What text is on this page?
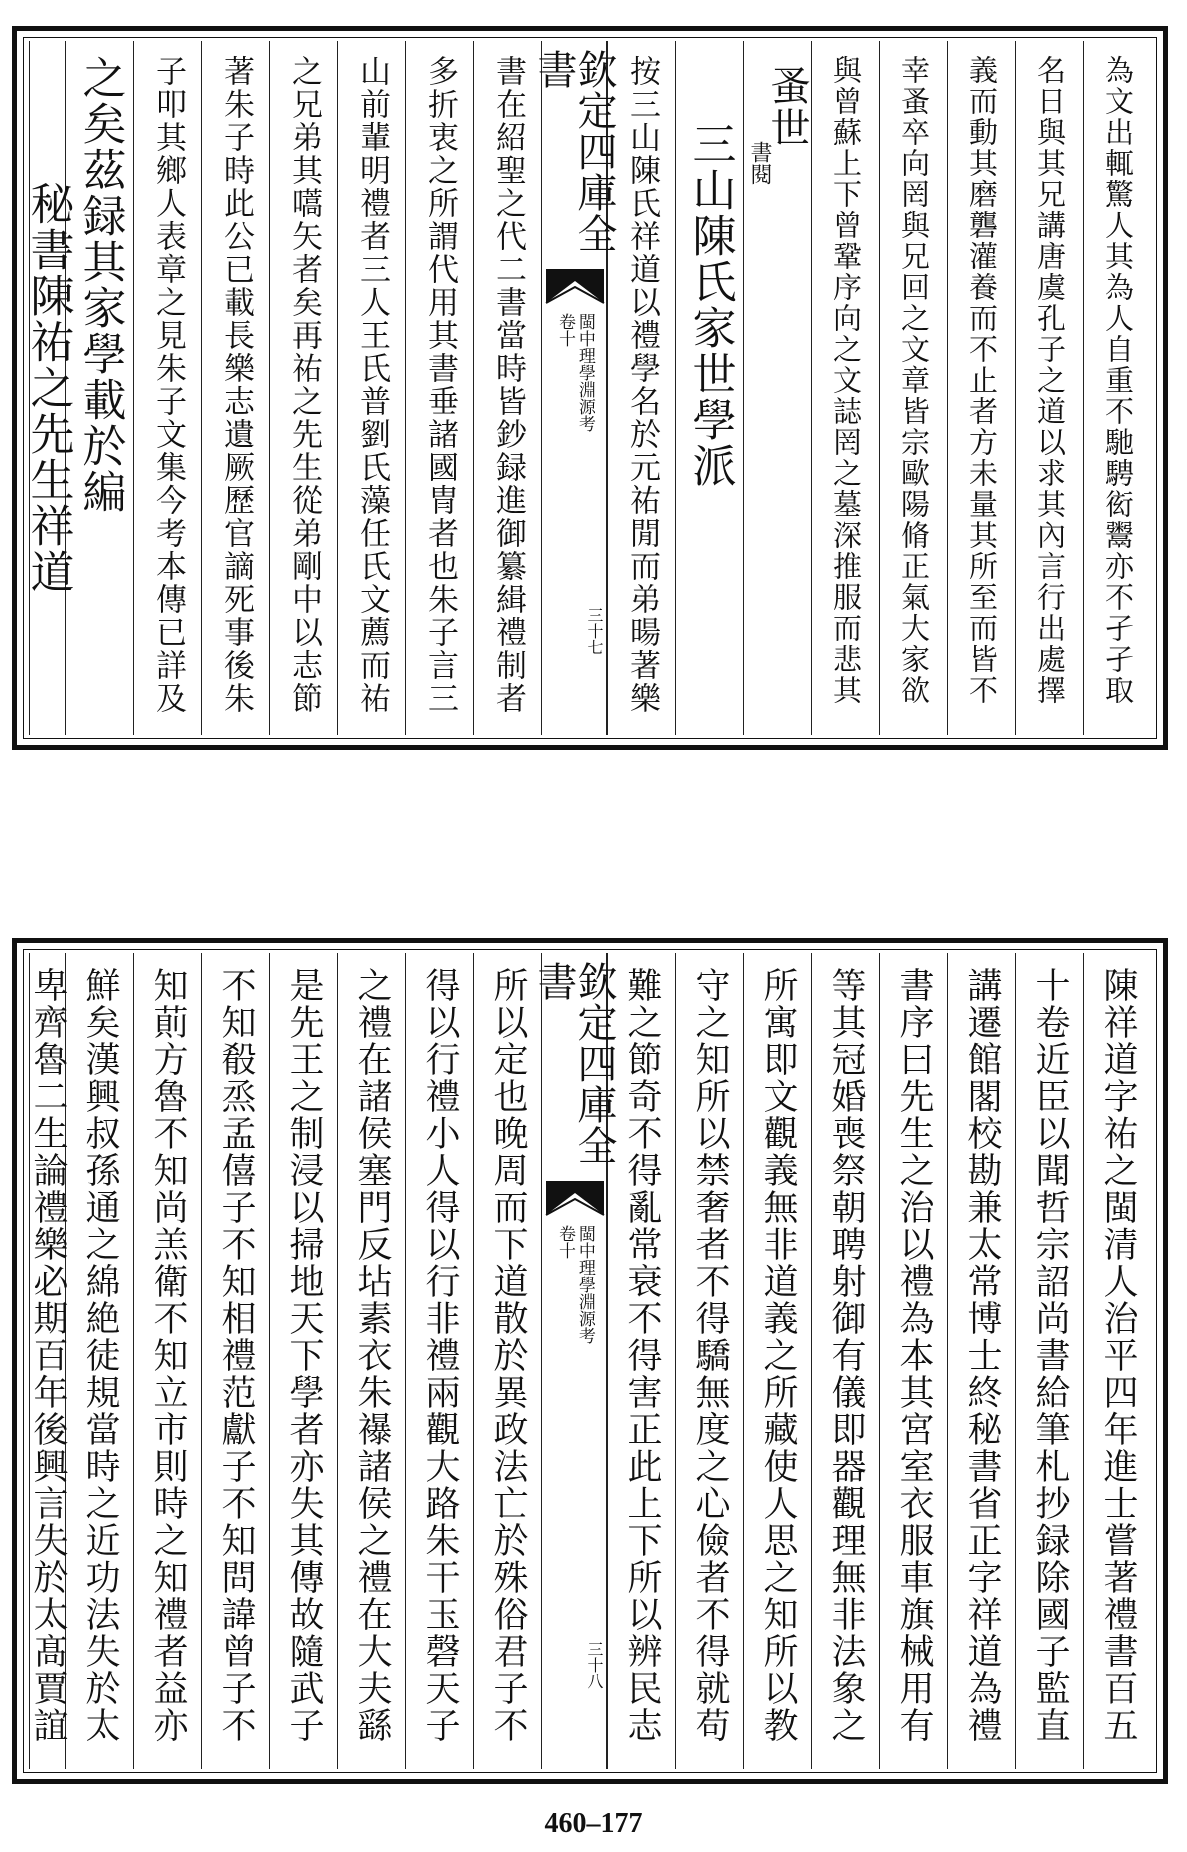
為文出輒驚人其為人自重不馳騁衒鬻亦不孑孑取
名日與其兄講唐虞孔子之道以求其內言行出處擇
義而動其磨礱灌養而不止者方未量其所至而皆不
幸蚤卒向罔與兄回之文章皆宗歐陽脩正氣大家欲
與曾蘇上下曾鞏序向之文誌罔之墓深推服而悲其
蚤世
書閱
三山陳氏家世學派
按三山陳氏祥道以禮學名於元祐閒而弟暘著樂
欽定四庫全書
閩中理學淵源考
卷十
三十七
書在紹聖之代二書當時皆鈔録進御纂緝禮制者
多折衷之所謂代用其書垂諸國冑者也朱子言三
山前輩明禮者三人王氏普劉氏藻任氏文薦而祐
之兄弟其嚆矢者矣再祐之先生從弟剛中以志節
著朱子時此公已載長樂志遺厥歷官謫死事後朱
子叩其鄉人表章之見朱子文集今考本傳已詳及
之矣茲録其家學載於編
秘書陳祐之先生祥道
陳祥道字祐之閩清人治平四年進士嘗著禮書百五
十卷近臣以聞哲宗詔尚書給筆札抄録除國子監直
講遷館閣校勘兼太常博士終秘書省正字祥道為禮
書序曰先生之治以禮為本其宮室衣服車旗械用有
等其冠婚喪祭朝聘射御有儀即器觀理無非法象之
所寓即文觀義無非道義之所藏使人思之知所以教
守之知所以禁奢者不得驕無度之心儉者不得就苟
難之節奇不得亂常衰不得害正此上下所以辨民志
欽定四庫全書
閩中理學淵源考
卷十
三十八
所以定也晚周而下道散於異政法亡於殊俗君子不
得以行禮小人得以行非禮兩觀大路朱干玉磬天子
之禮在諸侯塞門反坫素衣朱襮諸侯之禮在大夫繇
是先王之制浸以掃地天下學者亦失其傳故隨武子
不知殽烝孟僖子不知相禮范獻子不知問諱曾子不
知萴方魯不知尚羔衛不知立市則時之知禮者益亦
鮮矣漢興叔孫通之綿絶徒規當時之近功法失於太
卑齊魯二生論禮樂必期百年後興言失於太髙賈誼
460–177
